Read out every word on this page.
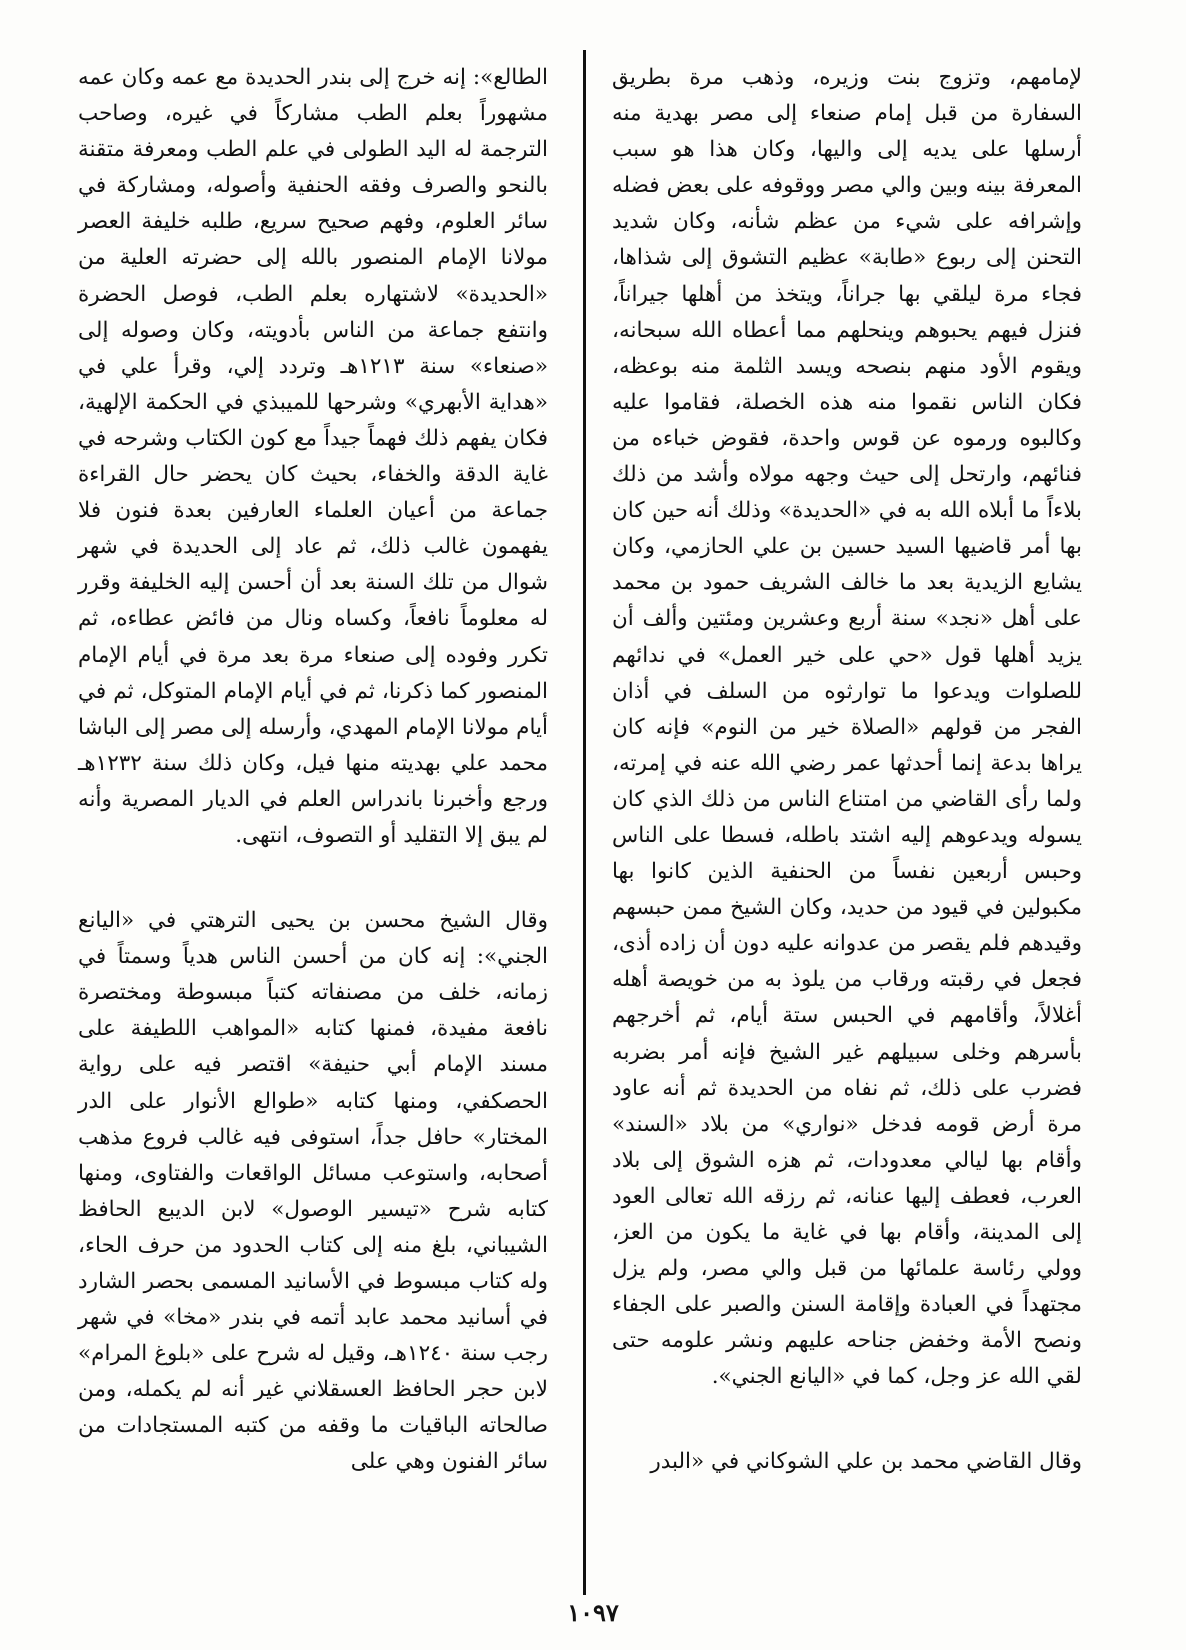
لإمامهم، وتزوج بنت وزيره، وذهب مرة بطريق السفارة من قبل إمام صنعاء إلى مصر بهدية منه أرسلها على يديه إلى واليها، وكان هذا هو سبب المعرفة بينه وبين والي مصر ووقوفه على بعض فضله وإشرافه على شيء من عظم شأنه، وكان شديد التحنن إلى ربوع «طابة» عظيم التشوق إلى شذاها، فجاء مرة ليلقي بها جراناً، ويتخذ من أهلها جيراناً، فنزل فيهم يحبوهم وينحلهم مما أعطاه الله سبحانه، ويقوم الأود منهم بنصحه ويسد الثلمة منه بوعظه، فكان الناس نقموا منه هذه الخصلة، فقاموا عليه وكالبوه ورموه عن قوس واحدة، فقوض خباءه من فنائهم، وارتحل إلى حيث وجهه مولاه وأشد من ذلك بلاءاً ما أبلاه الله به في «الحديدة» وذلك أنه حين كان بها أمر قاضيها السيد حسين بن علي الحازمي، وكان يشايع الزيدية بعد ما خالف الشريف حمود بن محمد على أهل «نجد» سنة أربع وعشرين ومئتين وألف أن يزيد أهلها قول «حي على خير العمل» في ندائهم للصلوات ويدعوا ما توارثوه من السلف في أذان الفجر من قولهم «الصلاة خير من النوم» فإنه كان يراها بدعة إنما أحدثها عمر رضي الله عنه في إمرته، ولما رأى القاضي من امتناع الناس من ذلك الذي كان يسوله ويدعوهم إليه اشتد باطله، فسطا على الناس وحبس أربعين نفساً من الحنفية الذين كانوا بها مكبولين في قيود من حديد، وكان الشيخ ممن حبسهم وقيدهم فلم يقصر من عدوانه عليه دون أن زاده أذى، فجعل في رقبته ورقاب من يلوذ به من خويصة أهله أغلالاً، وأقامهم في الحبس ستة أيام، ثم أخرجهم بأسرهم وخلى سبيلهم غير الشيخ فإنه أمر بضربه فضرب على ذلك، ثم نفاه من الحديدة ثم أنه عاود مرة أرض قومه فدخل «نواري» من بلاد «السند» وأقام بها ليالي معدودات، ثم هزه الشوق إلى بلاد العرب، فعطف إليها عنانه، ثم رزقه الله تعالى العود إلى المدينة، وأقام بها في غاية ما يكون من العز، وولي رئاسة علمائها من قبل والي مصر، ولم يزل مجتهداً في العبادة وإقامة السنن والصبر على الجفاء ونصح الأمة وخفض جناحه عليهم ونشر علومه حتى لقي الله عز وجل، كما في «اليانع الجني».

وقال القاضي محمد بن علي الشوكاني في «البدر

الطالع»: إنه خرج إلى بندر الحديدة مع عمه وكان عمه مشهوراً بعلم الطب مشاركاً في غيره، وصاحب الترجمة له اليد الطولى في علم الطب ومعرفة متقنة بالنحو والصرف وفقه الحنفية وأصوله، ومشاركة في سائر العلوم، وفهم صحيح سريع، طلبه خليفة العصر مولانا الإمام المنصور بالله إلى حضرته العلية من «الحديدة» لاشتهاره بعلم الطب، فوصل الحضرة وانتفع جماعة من الناس بأدويته، وكان وصوله إلى «صنعاء» سنة ١٢١٣هـ وتردد إلي، وقرأ علي في «هداية الأبهري» وشرحها للميبذي في الحكمة الإلهية، فكان يفهم ذلك فهماً جيداً مع كون الكتاب وشرحه في غاية الدقة والخفاء، بحيث كان يحضر حال القراءة جماعة من أعيان العلماء العارفين بعدة فنون فلا يفهمون غالب ذلك، ثم عاد إلى الحديدة في شهر شوال من تلك السنة بعد أن أحسن إليه الخليفة وقرر له معلوماً نافعاً، وكساه ونال من فائض عطاءه، ثم تكرر وفوده إلى صنعاء مرة بعد مرة في أيام الإمام المنصور كما ذكرنا، ثم في أيام الإمام المتوكل، ثم في أيام مولانا الإمام المهدي، وأرسله إلى مصر إلى الباشا محمد علي بهديته منها فيل، وكان ذلك سنة ١٢٣٢هـ ورجع وأخبرنا باندراس العلم في الديار المصرية وأنه لم يبق إلا التقليد أو التصوف، انتهى.

وقال الشيخ محسن بن يحيى الترهتي في «اليانع الجني»: إنه كان من أحسن الناس هدياً وسمتاً في زمانه، خلف من مصنفاته كتباً مبسوطة ومختصرة نافعة مفيدة، فمنها كتابه «المواهب اللطيفة على مسند الإمام أبي حنيفة» اقتصر فيه على رواية الحصكفي، ومنها كتابه «طوالع الأنوار على الدر المختار» حافل جداً، استوفى فيه غالب فروع مذهب أصحابه، واستوعب مسائل الواقعات والفتاوى، ومنها كتابه شرح «تيسير الوصول» لابن الديبع الحافظ الشيباني، بلغ منه إلى كتاب الحدود من حرف الحاء، وله كتاب مبسوط في الأسانيد المسمى بحصر الشارد في أسانيد محمد عابد أتمه في بندر «مخا» في شهر رجب سنة ١٢٤٠هـ، وقيل له شرح على «بلوغ المرام» لابن حجر الحافظ العسقلاني غير أنه لم يكمله، ومن صالحاته الباقيات ما وقفه من كتبه المستجادات من سائر الفنون وهي على

١٠٩٧
